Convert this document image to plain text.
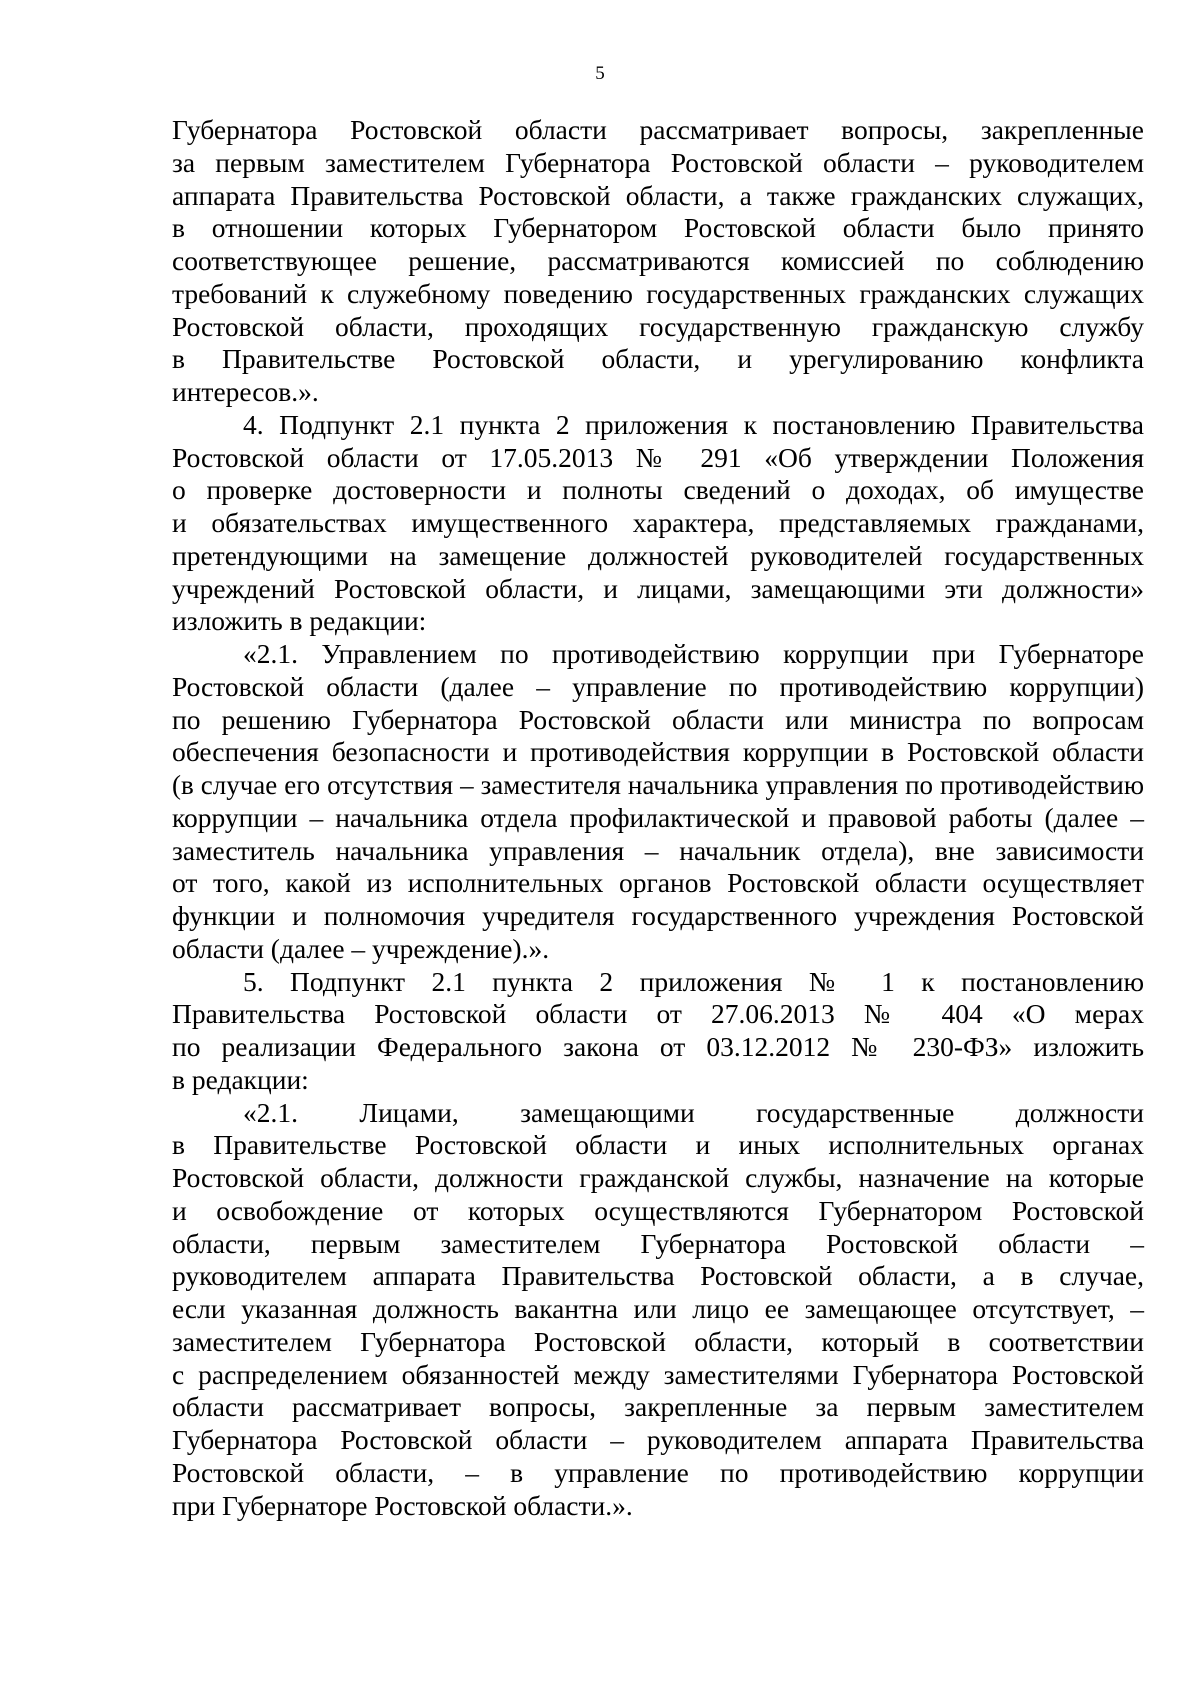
5
Губернатора Ростовской области рассматривает вопросы, закрепленные
за первым заместителем Губернатора Ростовской области – руководителем
аппарата Правительства Ростовской области, а также гражданских служащих,
в отношении которых Губернатором Ростовской области было принято
соответствующее решение, рассматриваются комиссией по соблюдению
требований к служебному поведению государственных гражданских служащих
Ростовской области, проходящих государственную гражданскую службу
в Правительстве Ростовской области, и урегулированию конфликта
интересов.».
4. Подпункт 2.1 пункта 2 приложения к постановлению Правительства
Ростовской области от 17.05.2013 № 291 «Об утверждении Положения
о проверке достоверности и полноты сведений о доходах, об имуществе
и обязательствах имущественного характера, представляемых гражданами,
претендующими на замещение должностей руководителей государственных
учреждений Ростовской области, и лицами, замещающими эти должности»
изложить в редакции:
«2.1. Управлением по противодействию коррупции при Губернаторе
Ростовской области (далее – управление по противодействию коррупции)
по решению Губернатора Ростовской области или министра по вопросам
обеспечения безопасности и противодействия коррупции в Ростовской области
(в случае его отсутствия – заместителя начальника управления по противодействию
коррупции – начальника отдела профилактической и правовой работы (далее –
заместитель начальника управления – начальник отдела), вне зависимости
от того, какой из исполнительных органов Ростовской области осуществляет
функции и полномочия учредителя государственного учреждения Ростовской
области (далее – учреждение).».
5. Подпункт 2.1 пункта 2 приложения № 1 к постановлению
Правительства Ростовской области от 27.06.2013 № 404 «О мерах
по реализации Федерального закона от 03.12.2012 № 230-ФЗ» изложить
в редакции:
«2.1. Лицами, замещающими государственные должности
в Правительстве Ростовской области и иных исполнительных органах
Ростовской области, должности гражданской службы, назначение на которые
и освобождение от которых осуществляются Губернатором Ростовской
области, первым заместителем Губернатора Ростовской области –
руководителем аппарата Правительства Ростовской области, а в случае,
если указанная должность вакантна или лицо ее замещающее отсутствует, –
заместителем Губернатора Ростовской области, который в соответствии
с распределением обязанностей между заместителями Губернатора Ростовской
области рассматривает вопросы, закрепленные за первым заместителем
Губернатора Ростовской области – руководителем аппарата Правительства
Ростовской области, – в управление по противодействию коррупции
при Губернаторе Ростовской области.».
